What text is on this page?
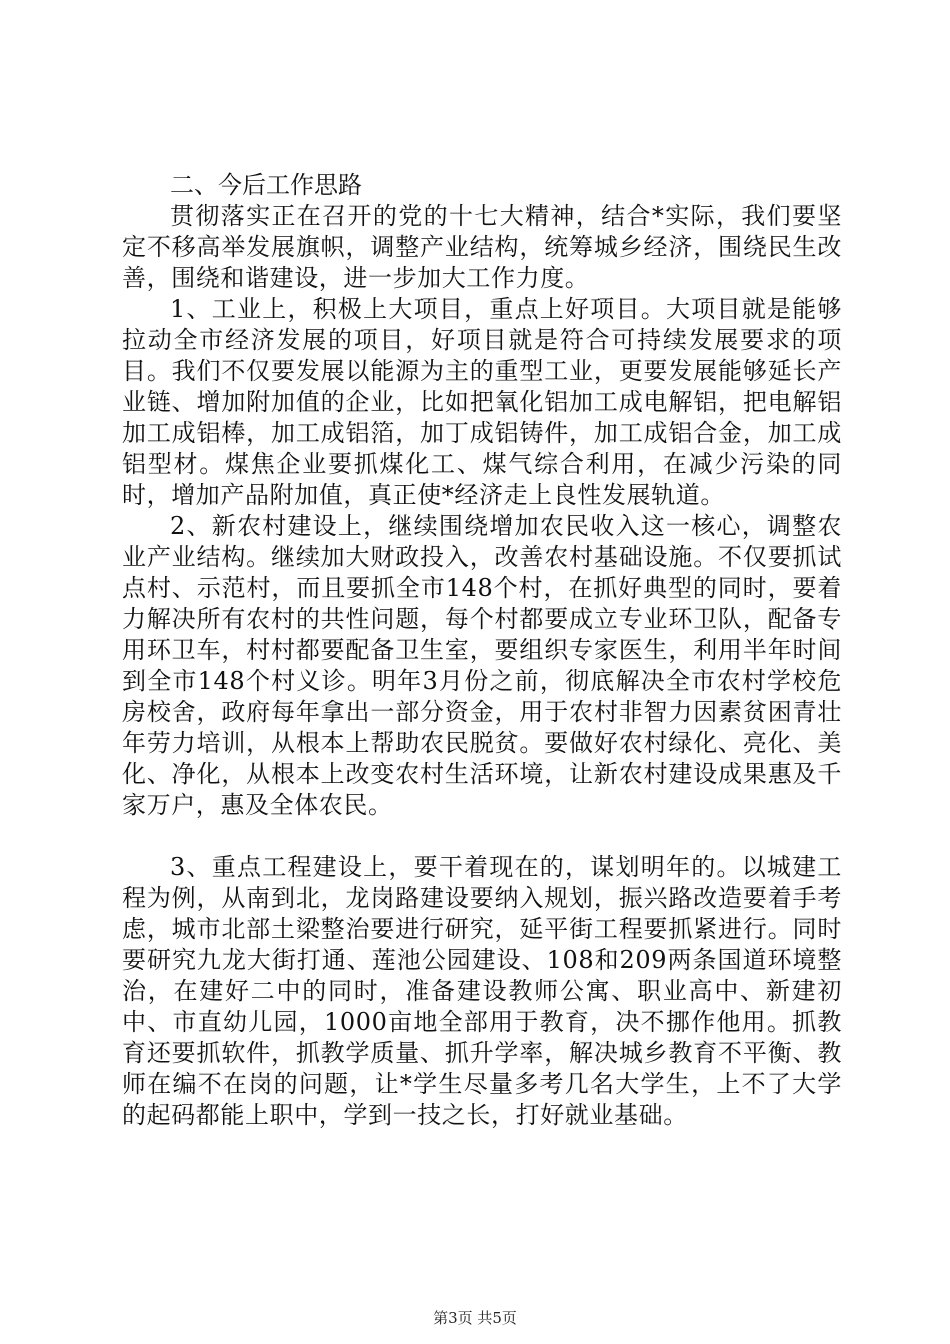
二、今后工作思路

贯彻落实正在召开的党的十七大精神，结合*实际，我们要坚定不移高举发展旗帜，调整产业结构，统筹城乡经济，围绕民生改善，围绕和谐建设，进一步加大工作力度。

1、工业上，积极上大项目，重点上好项目。大项目就是能够拉动全市经济发展的项目，好项目就是符合可持续发展要求的项目。我们不仅要发展以能源为主的重型工业，更要发展能够延长产业链、增加附加值的企业，比如把氧化铝加工成电解铝，把电解铝加工成铝棒，加工成铝箔，加丁成铝铸件，加工成铝合金，加工成铝型材。煤焦企业要抓煤化工、煤气综合利用，在减少污染的同时，增加产品附加值，真正使*经济走上良性发展轨道。

2、新农村建设上，继续围绕增加农民收入这一核心，调整农业产业结构。继续加大财政投入，改善农村基础设施。不仅要抓试点村、示范村，而且要抓全市148个村，在抓好典型的同时，要着力解决所有农村的共性问题，每个村都要成立专业环卫队，配备专用环卫车，村村都要配备卫生室，要组织专家医生，利用半年时间到全市148个村义诊。明年3月份之前，彻底解决全市农村学校危房校舍，政府每年拿出一部分资金，用于农村非智力因素贫困青壮年劳力培训，从根本上帮助农民脱贫。要做好农村绿化、亮化、美化、净化，从根本上改变农村生活环境，让新农村建设成果惠及千家万户，惠及全体农民。

3、重点工程建设上，要干着现在的，谋划明年的。以城建工程为例，从南到北，龙岗路建设要纳入规划，振兴路改造要着手考虑，城市北部土梁整治要进行研究，延平街工程要抓紧进行。同时要研究九龙大街打通、莲池公园建设、108和209两条国道环境整治，在建好二中的同时，准备建设教师公寓、职业高中、新建初中、市直幼儿园，1000亩地全部用于教育，决不挪作他用。抓教育还要抓软件，抓教学质量、抓升学率，解决城乡教育不平衡、教师在编不在岗的问题，让*学生尽量多考几名大学生，上不了大学的起码都能上职中，学到一技之长，打好就业基础。

第3页 共5页
